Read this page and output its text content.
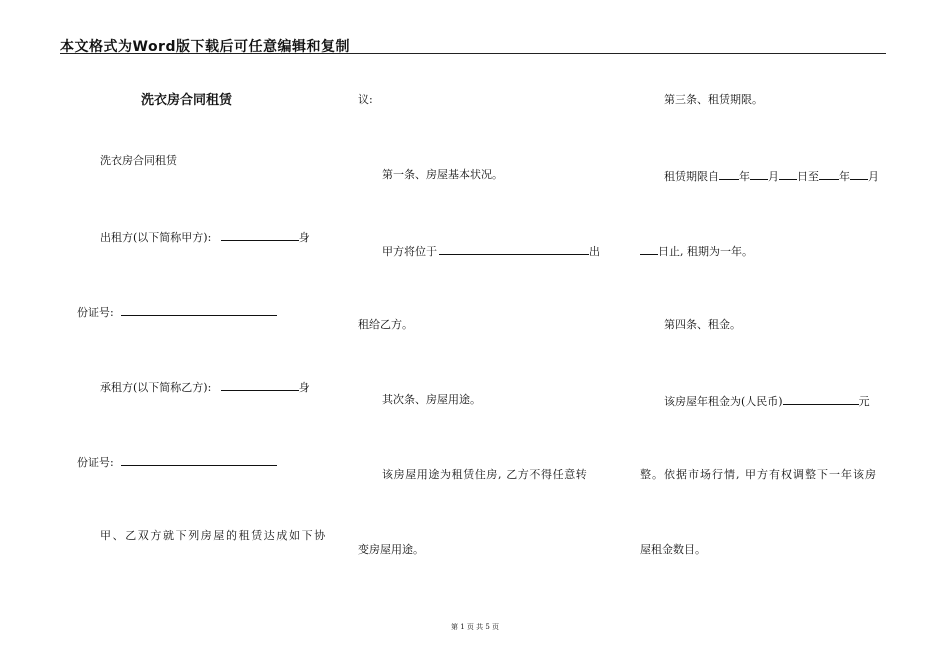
本文格式为Word版下载后可任意编辑和复制
洗衣房合同租赁
洗衣房合同租赁
出租方(以下简称甲方):	身
份证号:
承租方(以下简称乙方):	身
份证号:
甲、乙双方就下列房屋的租赁达成如下协
议:
第一条、房屋基本状况。
甲方将位于	出
租给乙方。
其次条、房屋用途。
该房屋用途为租赁住房, 乙方不得任意转
变房屋用途。
第三条、租赁期限。
租赁期限自 年 月 日至 年 月
日止, 租期为一年。
第四条、租金。
该房屋年租金为(人民币)	元
整。依据市场行情, 甲方有权调整下一年该房
屋租金数目。
第 1 页 共 5 页
